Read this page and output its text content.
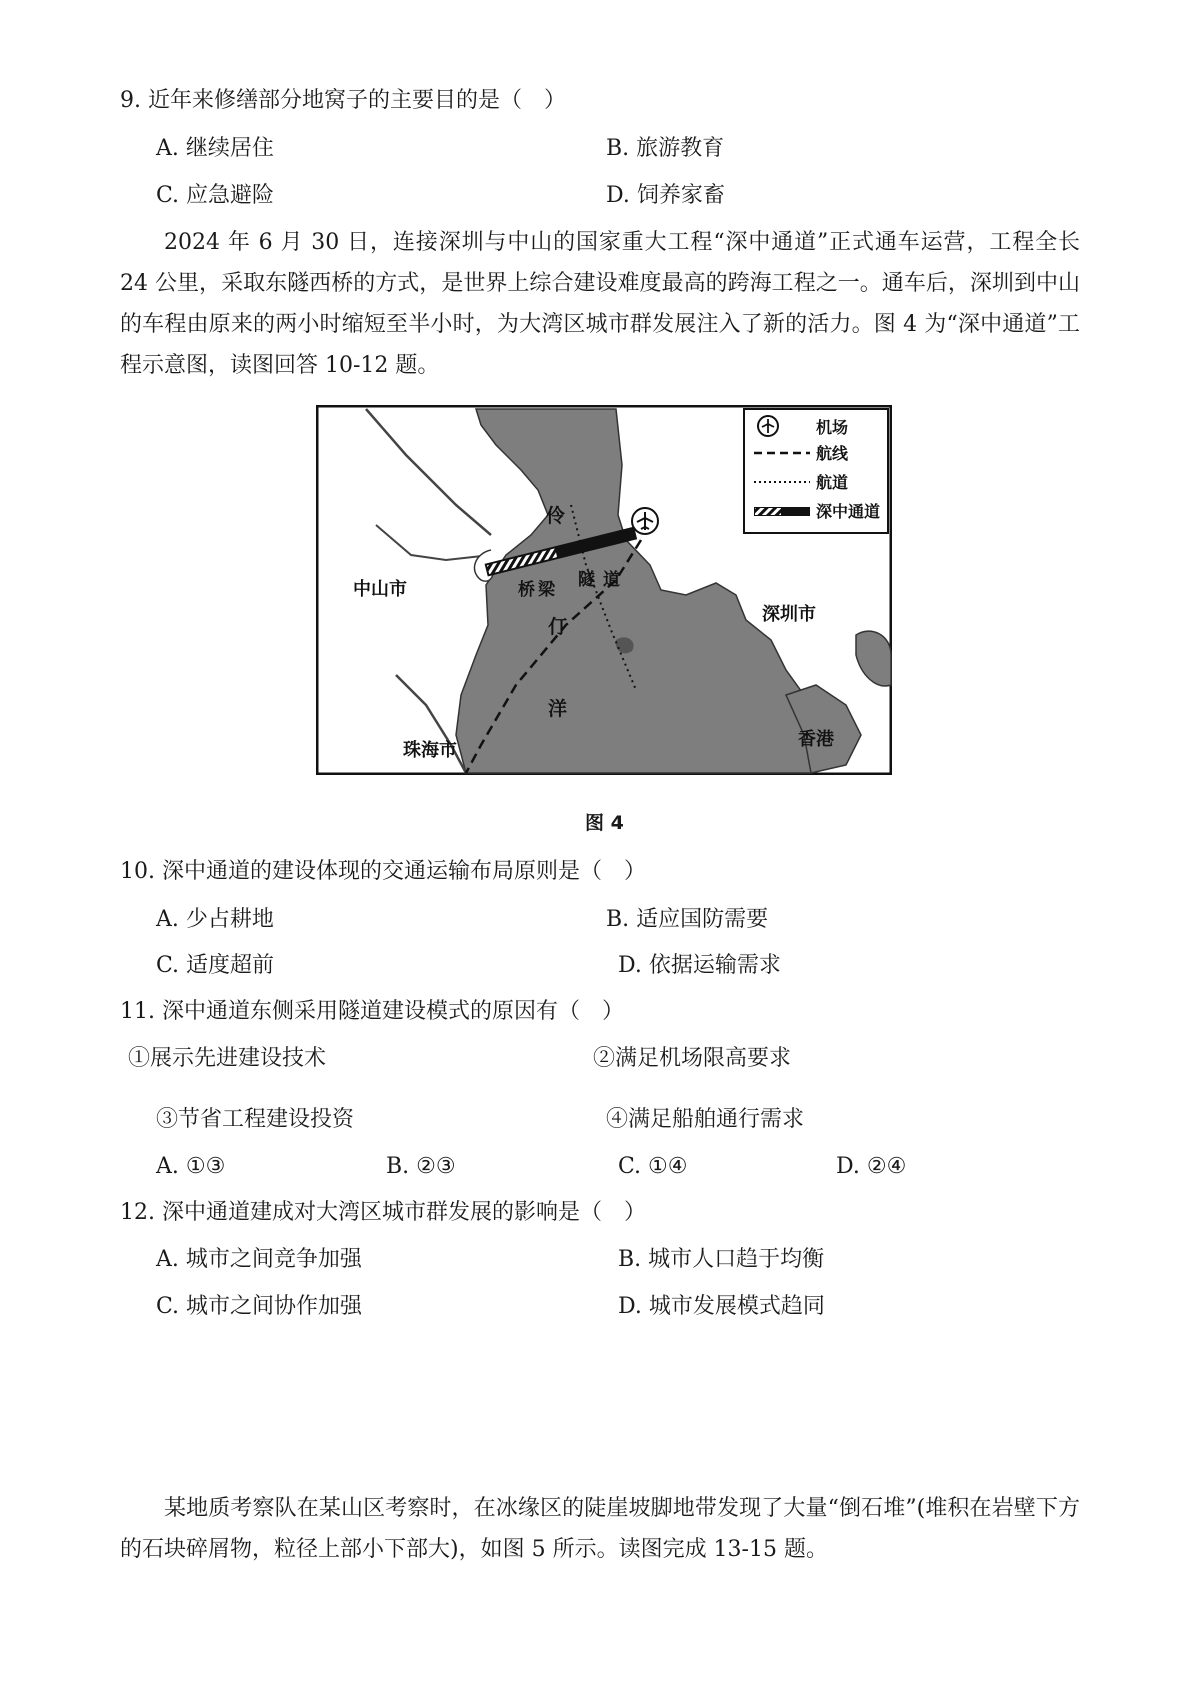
9. 近年来修缮部分地窝子的主要目的是（　）
A. 继续居住	B. 旅游教育
C. 应急避险	D. 饲养家畜
2024 年 6 月 30 日，连接深圳与中山的国家重大工程“深中通道”正式通车运营，工程全长 24 公里，采取东隧西桥的方式，是世界上综合建设难度最高的跨海工程之一。通车后，深圳到中山的车程由原来的两小时缩短至半小时，为大湾区城市群发展注入了新的活力。图 4 为“深中通道”工程示意图，读图回答 10-12 题。
中山市
深圳市
珠海市
香港
伶
仃
洋
桥梁 隧道
机场
航线
航道
深中通道
图 4
10. 深中通道的建设体现的交通运输布局原则是（　）
A. 少占耕地	B. 适应国防需要
C. 适度超前	D. 依据运输需求
11. 深中通道东侧采用隧道建设模式的原因有（　）
①展示先进建设技术	②满足机场限高要求
③节省工程建设投资	④满足船舶通行需求
A. ①③	B. ②③	C. ①④	D. ②④
12. 深中通道建成对大湾区城市群发展的影响是（　）
A. 城市之间竞争加强	B. 城市人口趋于均衡
C. 城市之间协作加强	D. 城市发展模式趋同
某地质考察队在某山区考察时，在冰缘区的陡崖坡脚地带发现了大量“倒石堆”(堆积在岩壁下方的石块碎屑物，粒径上部小下部大)，如图 5 所示。读图完成 13-15 题。
